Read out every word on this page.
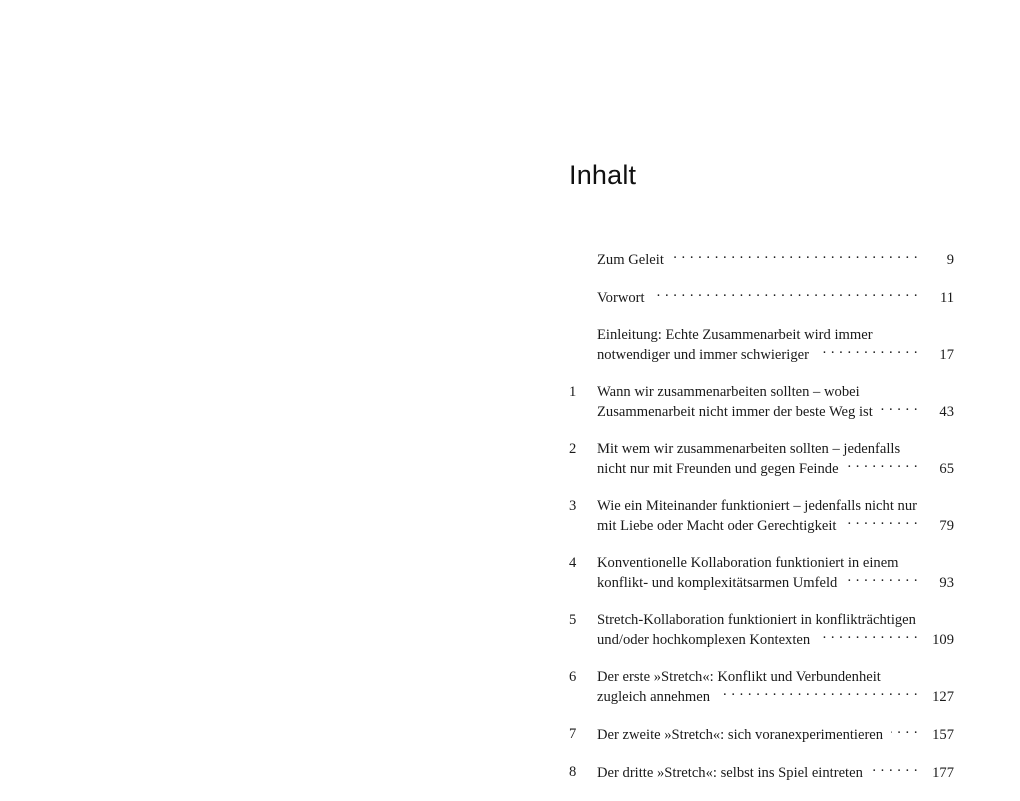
Inhalt
Zum Geleit . . .	9
Vorwort . . .	11
Einleitung: Echte Zusammenarbeit wird immer
notwendiger und immer schwieriger . . .	17
1	Wann wir zusammenarbeiten sollten – wobei
Zusammenarbeit nicht immer der beste Weg ist . . .	43
2	Mit wem wir zusammenarbeiten sollten – jedenfalls
nicht nur mit Freunden und gegen Feinde . . .	65
3	Wie ein Miteinander funktioniert – jedenfalls nicht nur
mit Liebe oder Macht oder Gerechtigkeit . . .	79
4	Konventionelle Kollaboration funktioniert in einem
konflikt- und komplexitätsarmen Umfeld . . .	93
5	Stretch-Kollaboration funktioniert in konflikträchtigen
und/oder hochkomplexen Kontexten . . .	109
6	Der erste »Stretch«: Konflikt und Verbundenheit
zugleich annehmen . . .	127
7	Der zweite »Stretch«: sich voranexperimentieren . . .	157
8	Der dritte »Stretch«: selbst ins Spiel eintreten . . .	177
